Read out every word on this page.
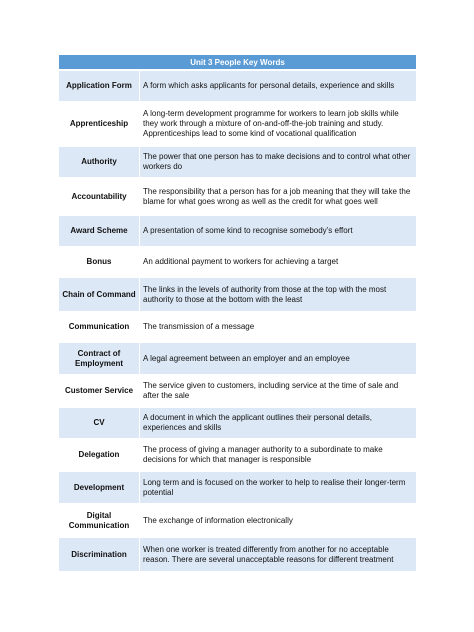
Unit 3 People Key Words	
Application Form	A form which asks applicants for personal details, experience and skills
Apprenticeship	A long-term development programme for workers to learn job skills while they work through a mixture of on-and-off-the-job training and study. Apprenticeships lead to some kind of vocational qualification
Authority	The power that one person has to make decisions and to control what other workers do
Accountability	The responsibility that a person has for a job meaning that they will take the blame for what goes wrong as well as the credit for what goes well
Award Scheme	A presentation of some kind to recognise somebody’s effort
Bonus	An additional payment to workers for achieving a target
Chain of Command	The links in the levels of authority from those at the top with the most authority to those at the bottom with the least
Communication	The transmission of a message
Contract of Employment	A legal agreement between an employer and an employee
Customer Service	The service given to customers, including service at the time of sale and after the sale
CV	A document in which the applicant outlines their personal details, experiences and skills
Delegation	The process of giving a manager authority to a subordinate to make decisions for which that manager is responsible
Development	Long term and is focused on the worker to help to realise their longer-term potential
Digital Communication	The exchange of information electronically
Discrimination	When one worker is treated differently from another for no acceptable reason. There are several unacceptable reasons for different treatment
